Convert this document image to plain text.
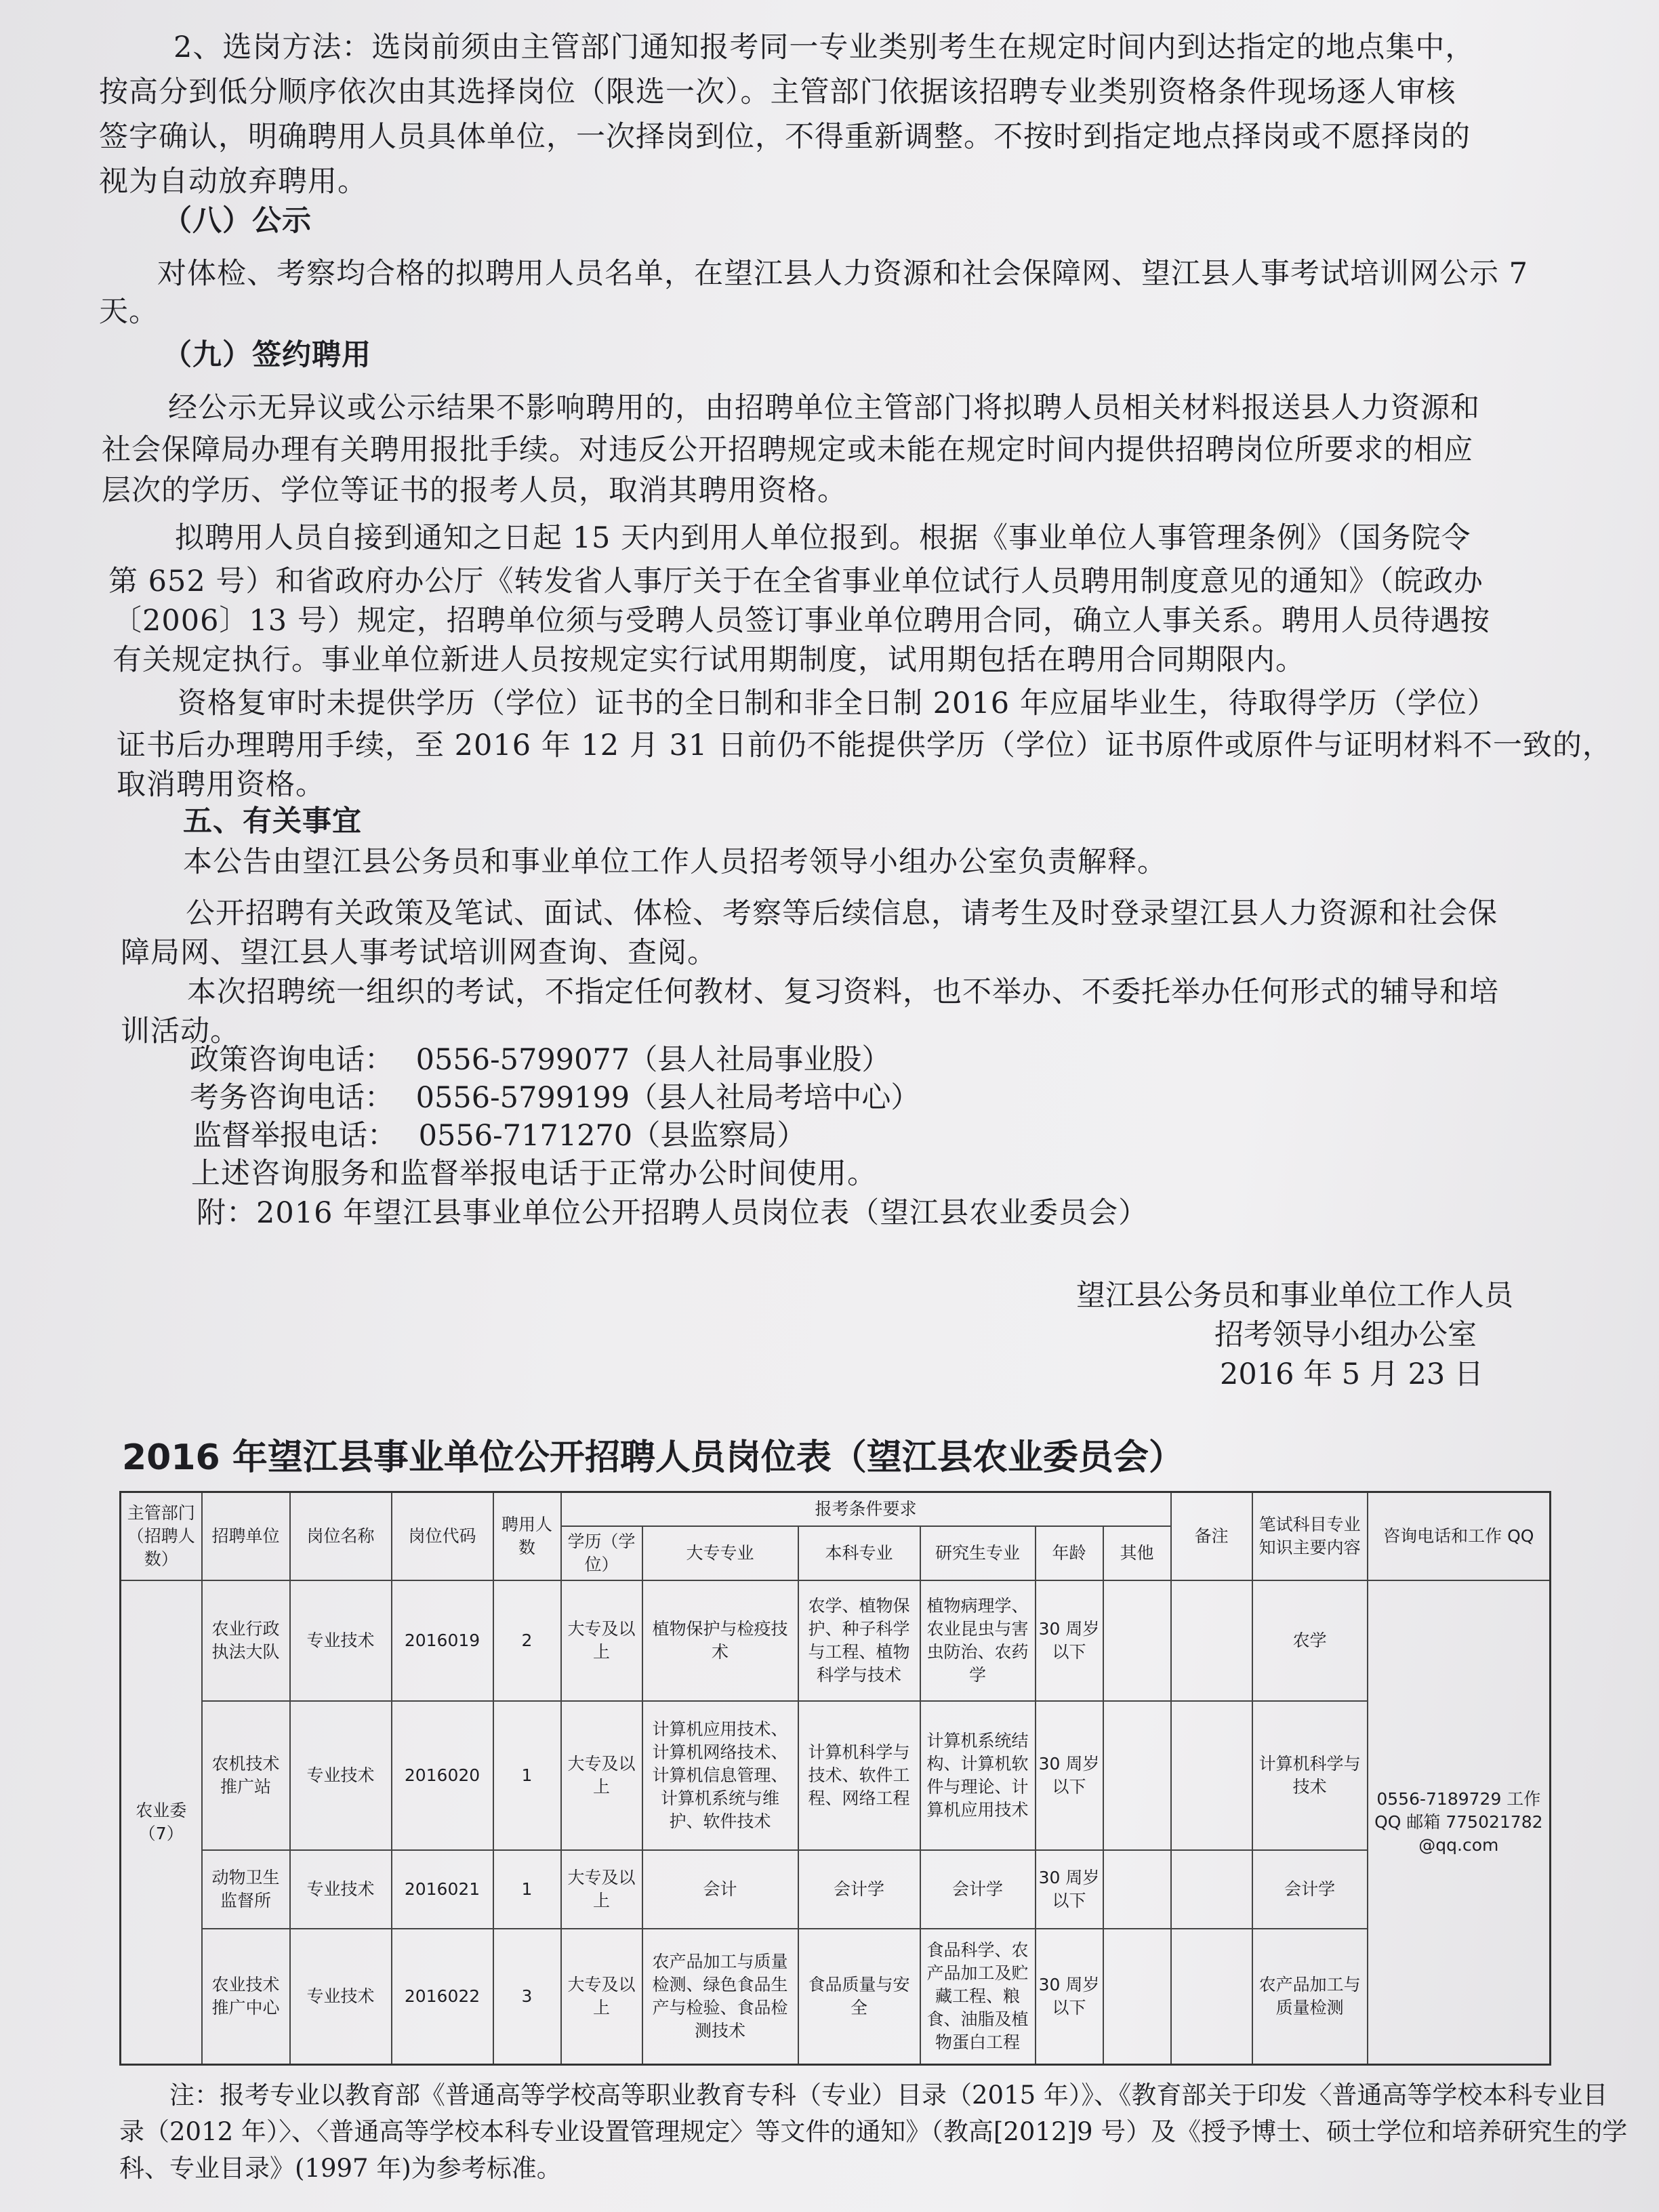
2、选岗方法：选岗前须由主管部门通知报考同一专业类别考生在规定时间内到达指定的地点集中，
按高分到低分顺序依次由其选择岗位（限选一次）。主管部门依据该招聘专业类别资格条件现场逐人审核
签字确认，明确聘用人员具体单位，一次择岗到位，不得重新调整。不按时到指定地点择岗或不愿择岗的
视为自动放弃聘用。
（八）公示
对体检、考察均合格的拟聘用人员名单，在望江县人力资源和社会保障网、望江县人事考试培训网公示 7
天。
（九）签约聘用
经公示无异议或公示结果不影响聘用的，由招聘单位主管部门将拟聘人员相关材料报送县人力资源和
社会保障局办理有关聘用报批手续。对违反公开招聘规定或未能在规定时间内提供招聘岗位所要求的相应
层次的学历、学位等证书的报考人员，取消其聘用资格。
拟聘用人员自接到通知之日起 15 天内到用人单位报到。根据《事业单位人事管理条例》（国务院令
第 652 号）和省政府办公厅《转发省人事厅关于在全省事业单位试行人员聘用制度意见的通知》（皖政办
〔2006〕13 号）规定，招聘单位须与受聘人员签订事业单位聘用合同，确立人事关系。聘用人员待遇按
有关规定执行。事业单位新进人员按规定实行试用期制度，试用期包括在聘用合同期限内。
资格复审时未提供学历（学位）证书的全日制和非全日制 2016 年应届毕业生，待取得学历（学位）
证书后办理聘用手续，至 2016 年 12 月 31 日前仍不能提供学历（学位）证书原件或原件与证明材料不一致的，
取消聘用资格。
五、有关事宜
本公告由望江县公务员和事业单位工作人员招考领导小组办公室负责解释。
公开招聘有关政策及笔试、面试、体检、考察等后续信息，请考生及时登录望江县人力资源和社会保
障局网、望江县人事考试培训网查询、查阅。
本次招聘统一组织的考试，不指定任何教材、复习资料，也不举办、不委托举办任何形式的辅导和培
训活动。
政策咨询电话： 0556-5799077 （县人社局事业股）
考务咨询电话： 0556-5799199 （县人社局考培中心）
监督举报电话： 0556-7171270 （县监察局）
上述咨询服务和监督举报电话于正常办公时间使用。
附：2016 年望江县事业单位公开招聘人员岗位表（望江县农业委员会）
望江县公务员和事业单位工作人员
招考领导小组办公室
2016 年 5 月 23 日
2016 年望江县事业单位公开招聘人员岗位表（望江县农业委员会）
主管部门（招聘人数）	招聘单位	岗位名称	岗位代码	聘用人数	报考条件要求						备注	笔试科目专业知识主要内容	咨询电话和工作 QQ
					学历（学位）	大专专业	本科专业	研究生专业	年龄	其他			
农业委（7）	农业行政执法大队	专业技术	2016019	2	大专及以上	植物保护与检疫技术	农学、植物保护、种子科学与工程、植物科学与技术	植物病理学、农业昆虫与害虫防治、农药学	30 周岁以下			农学	0556-7189729 工作 QQ 邮箱 775021782@qq.com
	农机技术推广站	专业技术	2016020	1	大专及以上	计算机应用技术、计算机网络技术、计算机信息管理、计算机系统与维护、软件技术	计算机科学与技术、软件工程、网络工程	计算机系统结构、计算机软件与理论、计算机应用技术	30 周岁以下			计算机科学与技术	
	动物卫生监督所	专业技术	2016021	1	大专及以上	会计	会计学	会计学	30 周岁以下			会计学	
	农业技术推广中心	专业技术	2016022	3	大专及以上	农产品加工与质量检测、绿色食品生产与检验、食品检测技术	食品质量与安全	食品科学、农产品加工及贮藏工程、粮食、油脂及植物蛋白工程	30 周岁以下			农产品加工与质量检测	
注：报考专业以教育部《普通高等学校高等职业教育专科（专业）目录（2015 年）》、《教育部关于印发〈普通高等学校本科专业目
录（2012 年）〉、〈普通高等学校本科专业设置管理规定〉等文件的通知》（教高[2012]9 号）及《授予博士、硕士学位和培养研究生的学
科、专业目录》(1997 年)为参考标准。
